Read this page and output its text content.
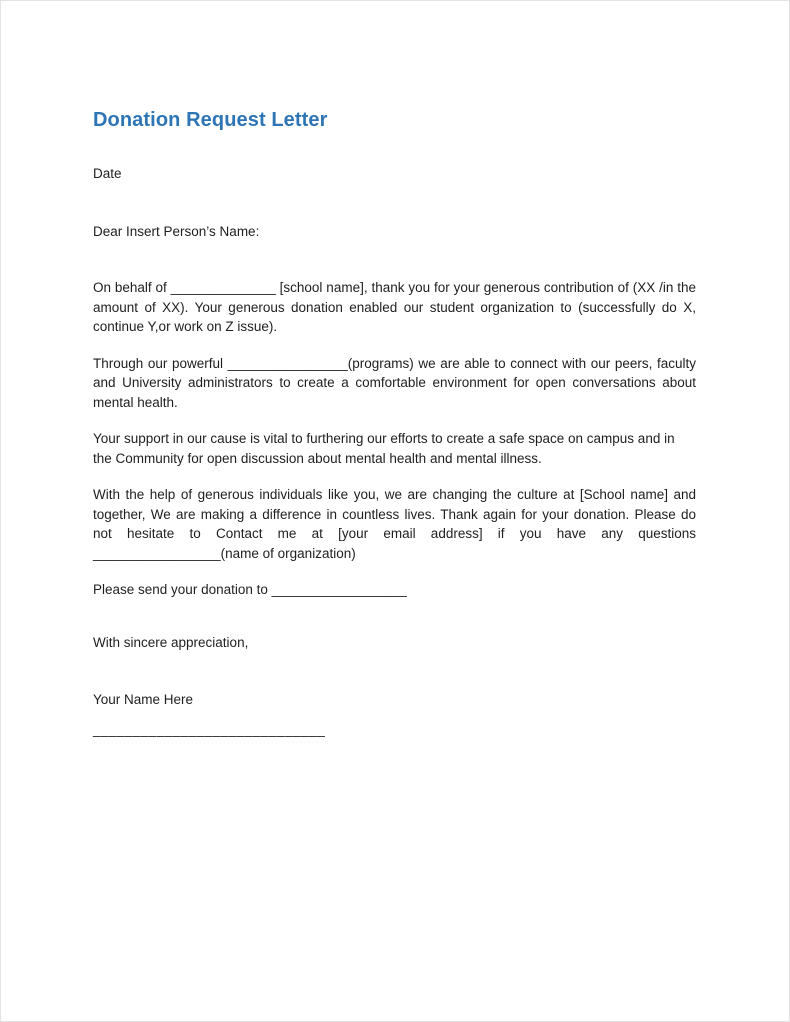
Donation Request Letter

Date

Dear Insert Person’s Name:

On behalf of ______________ [school name], thank you for your generous contribution of (XX /in the amount of XX). Your generous donation enabled our student organization to (successfully do X, continue Y,or work on Z issue).

Through our powerful ________________(programs) we are able to connect with our peers, faculty and University administrators to create a comfortable environment for open conversations about mental health.

Your support in our cause is vital to furthering our efforts to create a safe space on campus and in the Community for open discussion about mental health and mental illness.

With the help of generous individuals like you, we are changing the culture at [School name] and together, We are making a difference in countless lives. Thank again for your donation. Please do not hesitate to Contact me at [your email address] if you have any questions _________________(name of organization)

Please send your donation to __________________

With sincere appreciation,

Your Name Here

_____________________________
